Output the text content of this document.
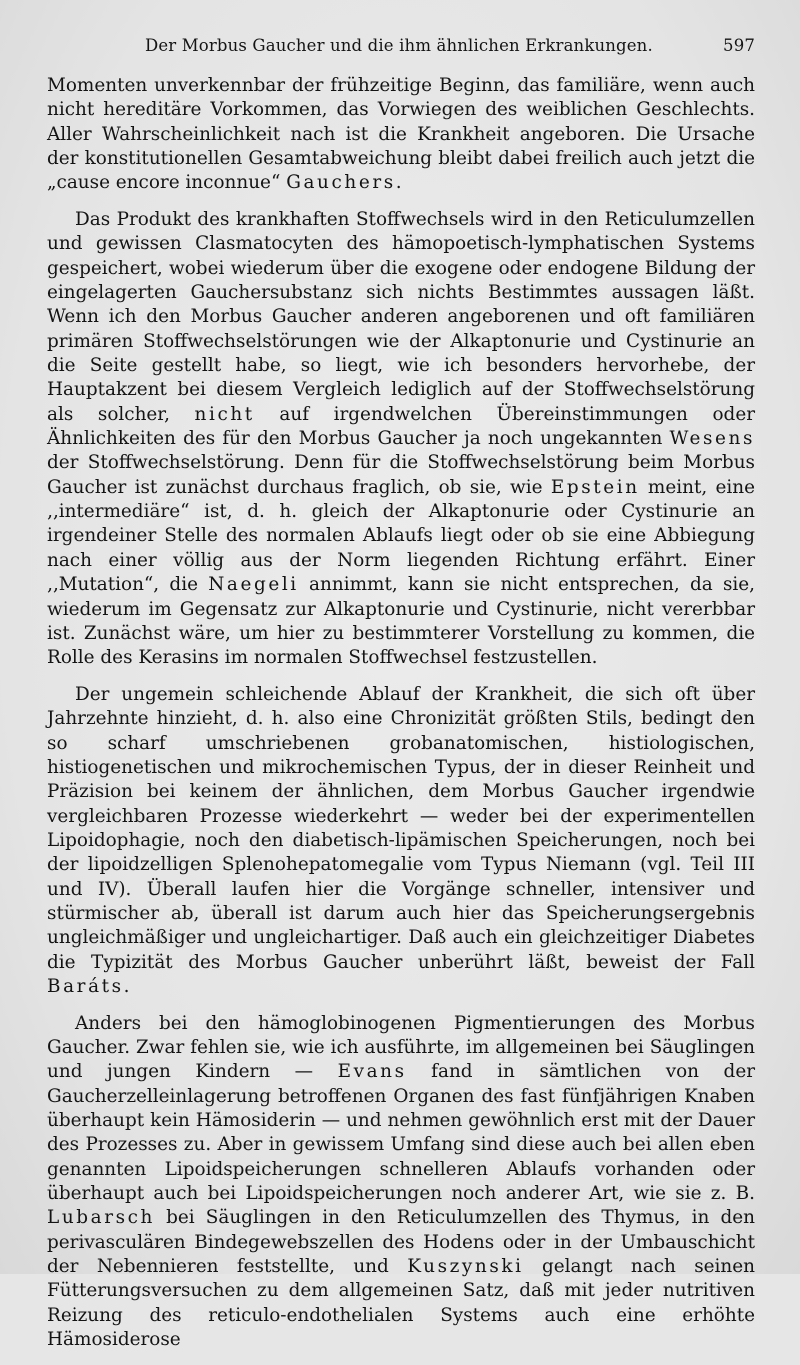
Der Morbus Gaucher und die ihm ähnlichen Erkrankungen.	597

Momenten unverkennbar der frühzeitige Beginn, das familiäre, wenn auch nicht hereditäre Vorkommen, das Vorwiegen des weiblichen Geschlechts. Aller Wahrscheinlichkeit nach ist die Krankheit angeboren. Die Ursache der konstitutionellen Gesamtabweichung bleibt dabei freilich auch jetzt die „cause encore inconnue“ Gauchers.

Das Produkt des krankhaften Stoffwechsels wird in den Reticulumzellen und gewissen Clasmatocyten des hämopoetisch-lymphatischen Systems gespeichert, wobei wiederum über die exogene oder endogene Bildung der eingelagerten Gauchersubstanz sich nichts Bestimmtes aussagen läßt. Wenn ich den Morbus Gaucher anderen angeborenen und oft familiären primären Stoffwechselstörungen wie der Alkaptonurie und Cystinurie an die Seite gestellt habe, so liegt, wie ich besonders hervorhebe, der Hauptakzent bei diesem Vergleich lediglich auf der Stoffwechselstörung als solcher, nicht auf irgendwelchen Übereinstimmungen oder Ähnlichkeiten des für den Morbus Gaucher ja noch ungekannten Wesens der Stoffwechselstörung. Denn für die Stoffwechselstörung beim Morbus Gaucher ist zunächst durchaus fraglich, ob sie, wie Epstein meint, eine ‚‚intermediäre“ ist, d. h. gleich der Alkaptonurie oder Cystinurie an irgendeiner Stelle des normalen Ablaufs liegt oder ob sie eine Abbiegung nach einer völlig aus der Norm liegenden Richtung erfährt. Einer ‚‚Mutation“, die Naegeli annimmt, kann sie nicht entsprechen, da sie, wiederum im Gegensatz zur Alkaptonurie und Cystinurie, nicht vererbbar ist. Zunächst wäre, um hier zu bestimmterer Vorstellung zu kommen, die Rolle des Kerasins im normalen Stoffwechsel festzustellen.

Der ungemein schleichende Ablauf der Krankheit, die sich oft über Jahrzehnte hinzieht, d. h. also eine Chronizität größten Stils, bedingt den so scharf umschriebenen grobanatomischen, histiologischen, histiogenetischen und mikrochemischen Typus, der in dieser Reinheit und Präzision bei keinem der ähnlichen, dem Morbus Gaucher irgendwie vergleichbaren Prozesse wiederkehrt — weder bei der experimentellen Lipoidophagie, noch den diabetisch-lipämischen Speicherungen, noch bei der lipoidzelligen Splenohepatomegalie vom Typus Niemann (vgl. Teil III und IV). Überall laufen hier die Vorgänge schneller, intensiver und stürmischer ab, überall ist darum auch hier das Speicherungsergebnis ungleichmäßiger und ungleichartiger. Daß auch ein gleichzeitiger Diabetes die Typizität des Morbus Gaucher unberührt läßt, beweist der Fall Baráts.

Anders bei den hämoglobinogenen Pigmentierungen des Morbus Gaucher. Zwar fehlen sie, wie ich ausführte, im allgemeinen bei Säuglingen und jungen Kindern — Evans fand in sämtlichen von der Gaucherzelleinlagerung betroffenen Organen des fast fünfjährigen Knaben überhaupt kein Hämosiderin — und nehmen gewöhnlich erst mit der Dauer des Prozesses zu. Aber in gewissem Umfang sind diese auch bei allen eben genannten Lipoidspeicherungen schnelleren Ablaufs vorhanden oder überhaupt auch bei Lipoidspeicherungen noch anderer Art, wie sie z. B. Lubarsch bei Säuglingen in den Reticulumzellen des Thymus, in den perivasculären Bindegewebszellen des Hodens oder in der Umbauschicht der Nebennieren feststellte, und Kuszynski gelangt nach seinen Fütterungsversuchen zu dem allgemeinen Satz, daß mit jeder nutritiven Reizung des reticulo-endothelialen Systems auch eine erhöhte Hämosiderose
